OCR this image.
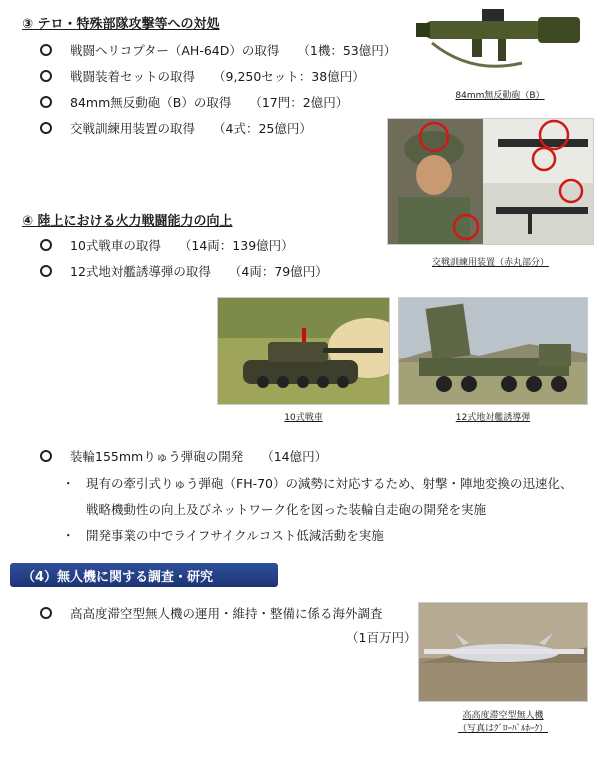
③ テロ・特殊部隊攻撃等への対処
戦闘ヘリコプター（AH-64D）の取得 （1機：53億円）
戦闘装着セットの取得 （9,250セット：38億円）
84mm無反動砲（B）の取得 （17門：2億円）
交戦訓練用装置の取得 （4式：25億円）
84mm無反動砲（B）
交戦訓練用装置（赤丸部分）
④ 陸上における火力戦闘能力の向上
10式戦車の取得 （14両：139億円）
12式地対艦誘導弾の取得 （4両：79億円）
10式戦車	12式地対艦誘導弾
装輪155mmりゅう弾砲の開発 （14億円）
・ 現有の牽引式りゅう弾砲（FH-70）の減勢に対応するため、射撃・陣地変換の迅速化、
戦略機動性の向上及びネットワーク化を図った装輪自走砲の開発を実施
・ 開発事業の中でライフサイクルコスト低減活動を実施
（4）無人機に関する調査・研究
高高度滞空型無人機の運用・維持・整備に係る海外調査
（1百万円）
高高度滞空型無人機
（写真はｸﾞﾛｰﾊﾞﾙﾎｰｸ）
